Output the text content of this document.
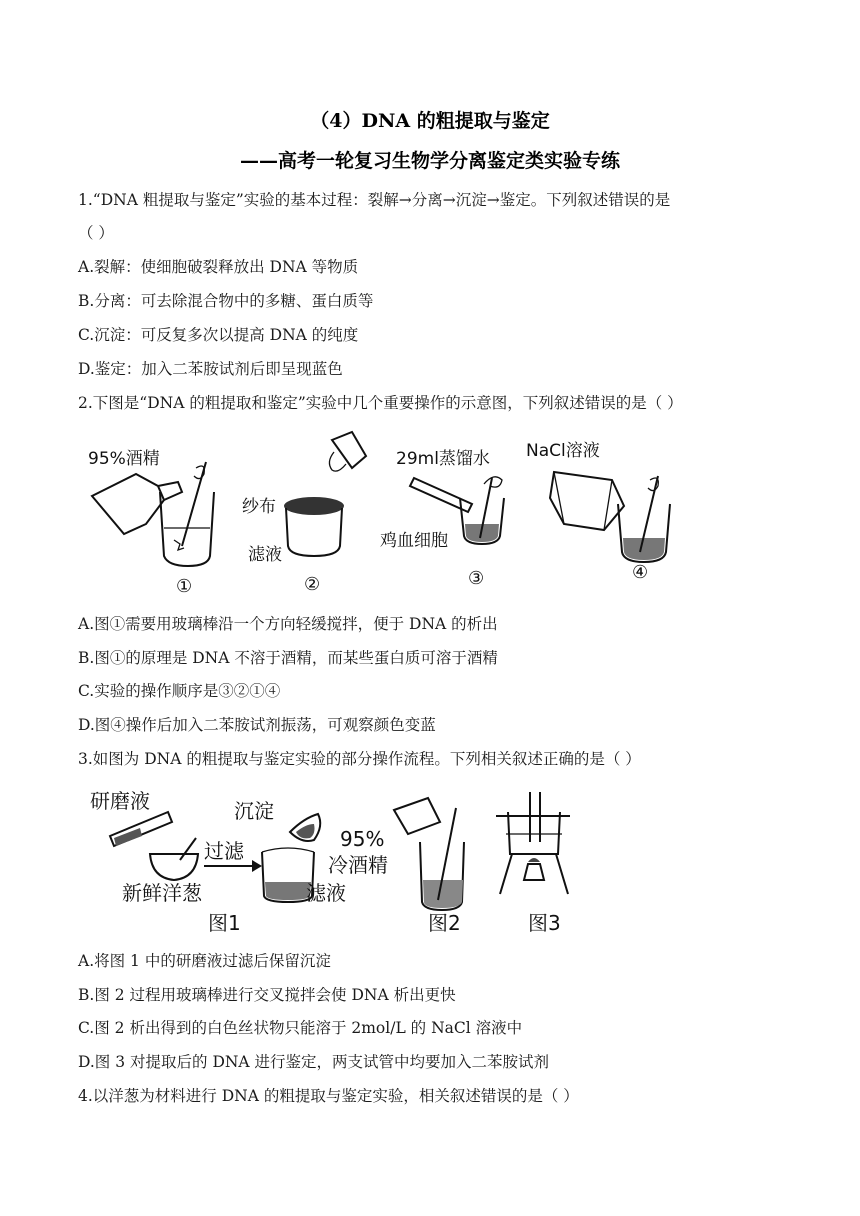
（4）DNA 的粗提取与鉴定
——高考一轮复习生物学分离鉴定类实验专练
1.“DNA 粗提取与鉴定”实验的基本过程：裂解→分离→沉淀→鉴定。下列叙述错误的是
（ ）
A.裂解：使细胞破裂释放出 DNA 等物质
B.分离：可去除混合物中的多糖、蛋白质等
C.沉淀：可反复多次以提高 DNA 的纯度
D.鉴定：加入二苯胺试剂后即呈现蓝色
2.下图是“DNA 的粗提取和鉴定”实验中几个重要操作的示意图，下列叙述错误的是（ ）
95%酒精
①
纱布
滤液
②
29ml蒸馏水
鸡血细胞
③
NaCl溶液
④
A.图①需要用玻璃棒沿一个方向轻缓搅拌，便于 DNA 的析出
B.图①的原理是 DNA 不溶于酒精，而某些蛋白质可溶于酒精
C.实验的操作顺序是③②①④
D.图④操作后加入二苯胺试剂振荡，可观察颜色变蓝
3.如图为 DNA 的粗提取与鉴定实验的部分操作流程。下列相关叙述正确的是（ ）
研磨液
过滤
沉淀
新鲜洋葱	滤液
图1
95%
冷酒精
图2	图3
A.将图 1 中的研磨液过滤后保留沉淀
B.图 2 过程用玻璃棒进行交叉搅拌会使 DNA 析出更快
C.图 2 析出得到的白色丝状物只能溶于 2mol/L 的 NaCl 溶液中
D.图 3 对提取后的 DNA 进行鉴定，两支试管中均要加入二苯胺试剂
4.以洋葱为材料进行 DNA 的粗提取与鉴定实验，相关叙述错误的是（ ）
